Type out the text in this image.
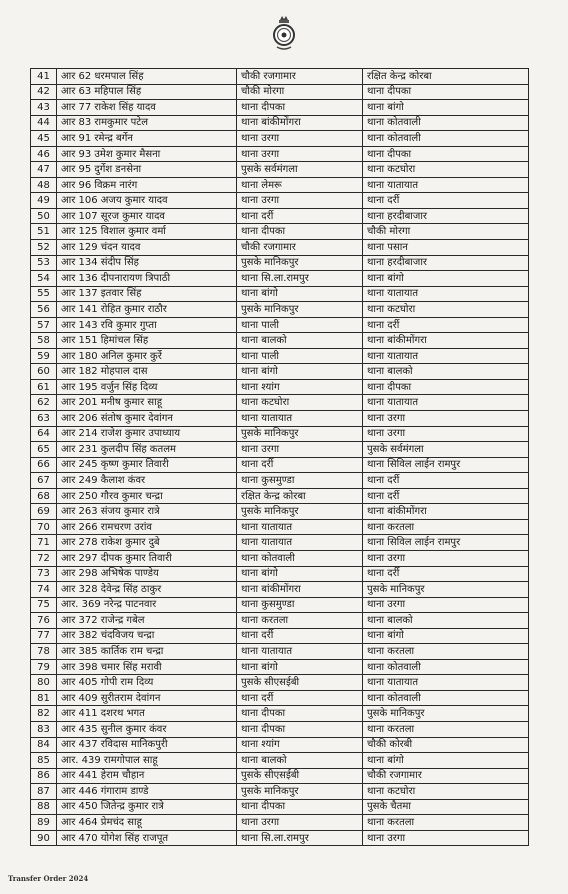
41	आर 62 धरमपाल सिंह	चौकी रजगामार	रक्षित केन्द्र कोरबा
42	आर 63 महिपाल सिंह	चौकी मोरगा	थाना दीपका
43	आर 77 राकेश सिंह यादव	थाना दीपका	थाना बांगो
44	आर 83 रामकुमार पटेल	थाना बांकीमोंगरा	थाना कोतवाली
45	आर 91 रमेन्द्र बर्गेन	थाना उरगा	थाना कोतवाली
46	आर 93 उमेश कुमार मैसना	थाना उरगा	थाना दीपका
47	आर 95 दुर्गेश डनसेना	पुसके सर्वमंगला	थाना कटघोरा
48	आर 96 विक्रम नारंग	थाना लेमरू	थाना यातायात
49	आर 106 अजय कुमार यादव	थाना उरगा	थाना दर्री
50	आर 107 सूरज कुमार यादव	थाना दर्री	थाना हरदीबाजार
51	आर 125 विशाल कुमार वर्मा	थाना दीपका	चौकी मोरगा
52	आर 129 चंदन यादव	चौकी रजगामार	थाना पसान
53	आर 134 संदीप सिंह	पुसके मानिकपुर	थाना हरदीबाजार
54	आर 136 दीपनारायण त्रिपाठी	थाना सि.ला.रामपुर	थाना बांगो
55	आर 137 इतवार सिंह	थाना बांगो	थाना यातायात
56	आर 141 रोहित कुमार राठौर	पुसके मानिकपुर	थाना कटघोरा
57	आर 143 रवि कुमार गुप्ता	थाना पाली	थाना दर्री
58	आर 151 हिमांचल सिंह	थाना बालको	थाना बांकीमोंगरा
59	आर 180 अनिल कुमार कुर्रे	थाना पाली	थाना यातायात
60	आर 182 मोहपाल दास	थाना बांगो	थाना बालको
61	आर 195 वर्जुन सिंह दिव्य	थाना श्यांग	थाना दीपका
62	आर 201 मनीष कुमार साहू	थाना कटघोरा	थाना यातायात
63	आर 206 संतोष कुमार देवांगन	थाना यातायात	थाना उरगा
64	आर 214 राजेश कुमार उपाध्याय	पुसके मानिकपुर	थाना उरगा
65	आर 231 कुलदीप सिंह कतलम	थाना उरगा	पुसके सर्वमंगला
66	आर 245 कृष्ण कुमार तिवारी	थाना दर्री	थाना सिविल लाईन रामपुर
67	आर 249 कैलाश कंवर	थाना कुसमुण्डा	थाना दर्री
68	आर 250 गौरव कुमार चन्द्रा	रक्षित केन्द्र कोरबा	थाना दर्री
69	आर 263 संजय कुमार रात्रे	पुसके मानिकपुर	थाना बांकीमोंगरा
70	आर 266 रामचरण उरांव	थाना यातायात	थाना करतला
71	आर 278 राकेश कुमार दुबे	थाना यातायात	थाना सिविल लाईन रामपुर
72	आर 297 दीपक कुमार तिवारी	थाना कोतवाली	थाना उरगा
73	आर 298 अभिषेक पाण्डेय	थाना बांगो	थाना दर्री
74	आर 328 देवेन्द्र सिंह ठाकुर	थाना बांकीमोंगरा	पुसके मानिकपुर
75	आर. 369 नरेन्द्र पाटनवार	थाना कुसमुण्डा	थाना उरगा
76	आर 372 राजेन्द्र गबेल	थाना करतला	थाना बालको
77	आर 382 चंदविजय चन्द्रा	थाना दर्री	थाना बांगो
78	आर 385 कार्तिक राम चन्द्रा	थाना यातायात	थाना करतला
79	आर 398 चमार सिंह मरावी	थाना बांगो	थाना कोतवाली
80	आर 405 गोपी राम दिव्य	पुसके सीएसईबी	थाना यातायात
81	आर 409 सुरीतराम देवांगन	थाना दर्री	थाना कोतवाली
82	आर 411 दशरथ भगत	थाना दीपका	पुसके मानिकपुर
83	आर 435 सुनील कुमार कंवर	थाना दीपका	थाना करतला
84	आर 437 रविदास मानिकपुरी	थाना श्यांग	चौकी कोरबी
85	आर. 439 रामगोपाल साहू	थाना बालको	थाना बांगो
86	आर 441 हेराम चौहान	पुसके सीएसईबी	चौकी रजगामार
87	आर 446 गंगाराम डाण्डे	पुसके मानिकपुर	थाना कटघोरा
88	आर 450 जितेन्द्र कुमार रात्रे	थाना दीपका	पुसके चैतमा
89	आर 464 प्रेमचंद साहू	थाना उरगा	थाना करतला
90	आर 470 योगेश सिंह राजपूत	थाना सि.ला.रामपुर	थाना उरगा
Transfer Order 2024
